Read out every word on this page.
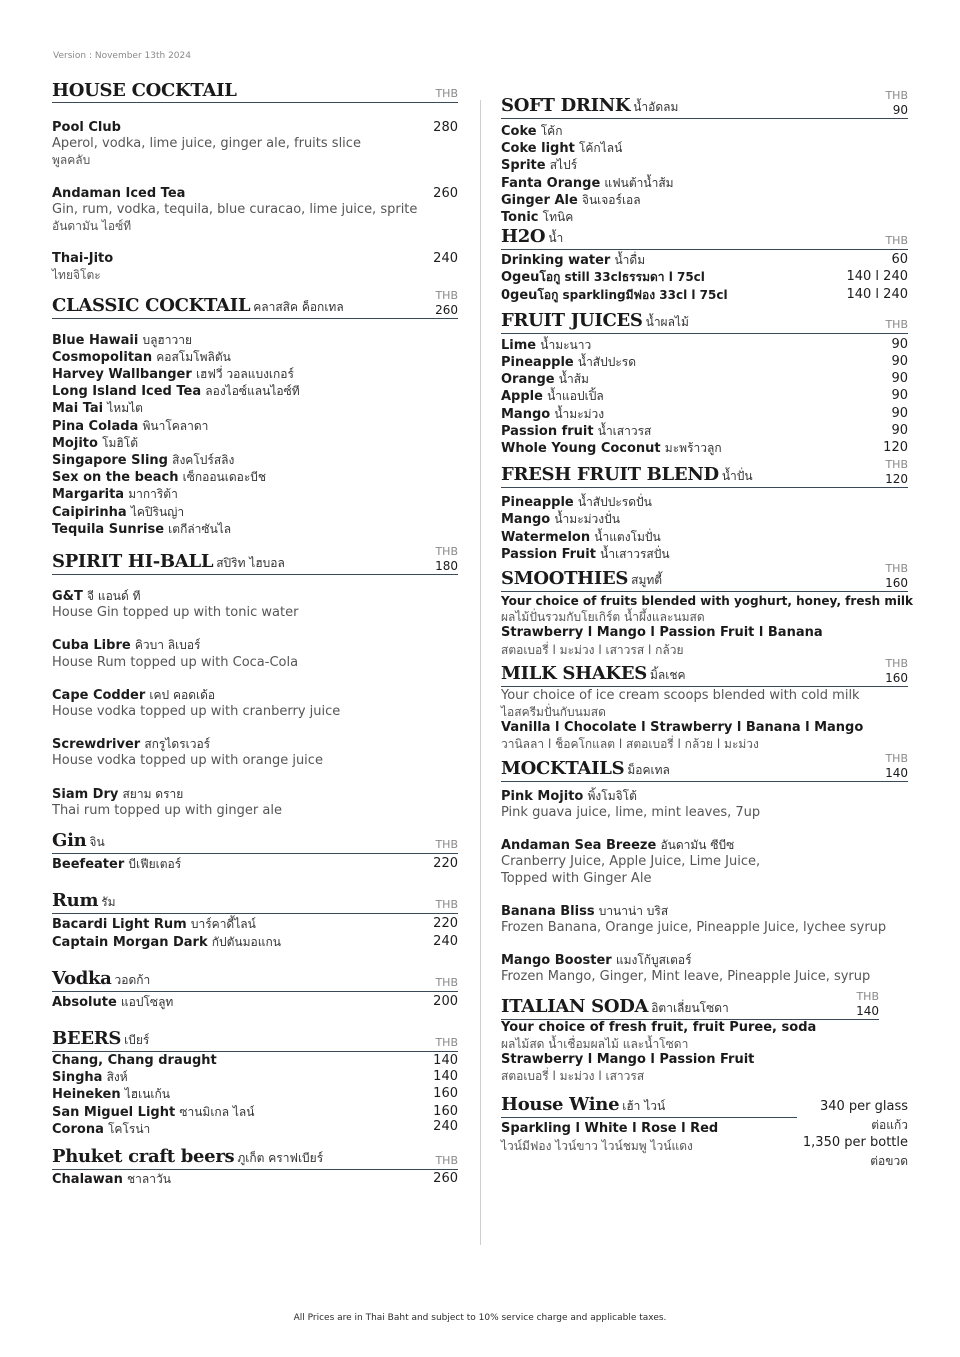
Version : November 13th 2024
HOUSE COCKTAIL	THB
Pool Club	280
Aperol, vodka, lime juice, ginger ale, fruits slice
พูลคลับ
Andaman Iced Tea	260
Gin, rum, vodka, tequila, blue curacao, lime juice, sprite
อันดามัน ไอซ์ที
Thai-Jito	240
ไทยจิโตะ
CLASSIC COCKTAIL คลาสสิค ค็อกเทล
THB
260
Blue Hawaii บลูฮาวาย
Cosmopolitan คอสโมโพลิตัน
Harvey Wallbanger เฮฟวี่ วอลแบงเกอร์
Long Island Iced Tea ลองไอซ์แลนไอซ์ที
Mai Tai ไหมไต
Pina Colada พินาโคลาดา
Mojito โมฮิโต้
Singapore Sling สิงคโปร์สลิง
Sex on the beach เซ็กออนเดอะบีช
Margarita มาการิต้า
Caipirinha ไคปิรินญ่า
Tequila Sunrise เตกีล่าซันไล
SPIRIT HI-BALL สปิริท ไฮบอล
THB
180
G&T จี แอนด์ ที
House Gin topped up with tonic water
Cuba Libre คิวบา ลิเบอร์
House Rum topped up with Coca-Cola
Cape Codder เคป คอดเด้อ
House vodka topped up with cranberry juice
Screwdriver สกรูไดรเวอร์
House vodka topped up with orange juice
Siam Dry สยาม ดราย
Thai rum topped up with ginger ale
Gin จิน	THB
Beefeater บีเฟียเตอร์	220
Rum รัม	THB
Bacardi Light Rum บาร์คาดี้ไลน์	220
Captain Morgan Dark กัปตันมอแกน	240
Vodka วอดก้า	THB
Absolute แอปโซลูท	200
BEERS เบียร์	THB
Chang, Chang draught	140
Singha สิงห์	140
Heineken ไฮเนเก้น	160
San Miguel Light ซานมิเกล ไลน์	160
Corona โคโรน่า	240
Phuket craft beers ภูเก็ต คราฟเบียร์	THB
Chalawan ชาลาวัน	260
SOFT DRINK น้ำอัดลม
THB
90
Coke โค้ก
Coke light โค้กไลน์
Sprite สไปร์
Fanta Orange แฟนต้าน้ำส้ม
Ginger Ale จินเจอร์เอล
Tonic โทนิค
H2O น้ำ	THB
Drinking water น้ำดื่ม	60
Ogeuโอกู still 33clธรรมดา l 75cl	140 l 240
0geuโอกู sparklingมีฟอง 33cl l 75cl	140 l 240
FRUIT JUICES น้ำผลไม้	THB
Lime น้ำมะนาว	90
Pineapple น้ำสัปปะรด	90
Orange น้ำส้ม	90
Apple น้ำแอปเปิ้ล	90
Mango น้ำมะม่วง	90
Passion fruit น้ำเสาวรส	90
Whole Young Coconut มะพร้าวลูก	120
FRESH FRUIT BLEND น้ำปั่น
THB
120
Pineapple น้ำสัปปะรดปั่น
Mango น้ำมะม่วงปั่น
Watermelon น้ำแตงโมปั่น
Passion Fruit น้ำเสาวรสปั่น
SMOOTHIES สมูทตี้
THB
160
Your choice of fruits blended with yoghurt, honey, fresh milk
ผลไม้ปั่นรวมกับโยเกิร์ต น้ำผึ้งและนมสด
Strawberry l Mango l Passion Fruit l Banana
สตอเบอรี่ l มะม่วง l เสาวรส l กล้วย
MILK SHAKES มิ้ลเชค
THB
160
Your choice of ice cream scoops blended with cold milk
ไอสครีมปั่นกับนมสด
Vanilla l Chocolate l Strawberry l Banana l Mango
วานิลลา l ช็อคโกแลต l สตอเบอรี่ l กล้วย l มะม่วง
MOCKTAILS ม็อคเทล
THB
140
Pink Mojito พิ้งโมจิโต้
Pink guava juice, lime, mint leaves, 7up
Andaman Sea Breeze อันดามัน ซีบีซ
Cranberry Juice, Apple Juice, Lime Juice,
Topped with Ginger Ale
Banana Bliss บานาน่า บริส
Frozen Banana, Orange juice, Pineapple Juice, lychee syrup
Mango Booster แมงโก้บูสเตอร์
Frozen Mango, Ginger, Mint leave, Pineapple Juice, syrup
ITALIAN SODA อิตาเลี่ยนโซดา
THB
140
Your choice of fresh fruit, fruit Puree, soda
ผลไม้สด น้ำเชื่อมผลไม้ และน้ำโซดา
Strawberry l Mango l Passion Fruit
สตอเบอรี่ l มะม่วง l เสาวรส
House Wine เฮ้า ไวน์
Sparkling l White l Rose l Red
ไวน์มีฟอง ไวน์ขาว ไวน์ชมพู ไวน์แดง
340 per glass
ต่อแก้ว
1,350 per bottle
ต่อขวด
All Prices are in Thai Baht and subject to 10% service charge and applicable taxes.
